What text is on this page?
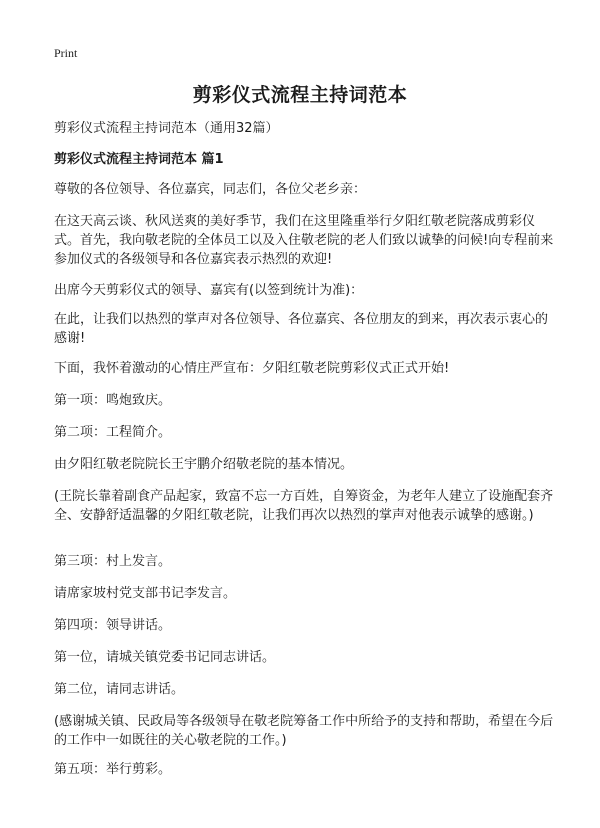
Print
剪彩仪式流程主持词范本

剪彩仪式流程主持词范本（通用32篇）

剪彩仪式流程主持词范本 篇1

尊敬的各位领导、各位嘉宾，同志们，各位父老乡亲：

在这天高云谈、秋风送爽的美好季节，我们在这里隆重举行夕阳红敬老院落成剪彩仪式。首先，我向敬老院的全体员工以及入住敬老院的老人们致以诚挚的问候!向专程前来参加仪式的各级领导和各位嘉宾表示热烈的欢迎!

出席今天剪彩仪式的领导、嘉宾有(以签到统计为准)：

在此，让我们以热烈的掌声对各位领导、各位嘉宾、各位朋友的到来，再次表示衷心的感谢!

下面，我怀着激动的心情庄严宣布：夕阳红敬老院剪彩仪式正式开始!

第一项：鸣炮致庆。

第二项：工程简介。

由夕阳红敬老院院长王宇鹏介绍敬老院的基本情况。

(王院长靠着副食产品起家，致富不忘一方百姓，自筹资金，为老年人建立了设施配套齐全、安静舒适温馨的夕阳红敬老院，让我们再次以热烈的掌声对他表示诚挚的感谢。)

第三项：村上发言。

请席家坡村党支部书记李发言。

第四项：领导讲话。

第一位，请城关镇党委书记同志讲话。

第二位，请同志讲话。

(感谢城关镇、民政局等各级领导在敬老院筹备工作中所给予的支持和帮助，希望在今后的工作中一如既往的关心敬老院的工作。)

第五项：举行剪彩。
